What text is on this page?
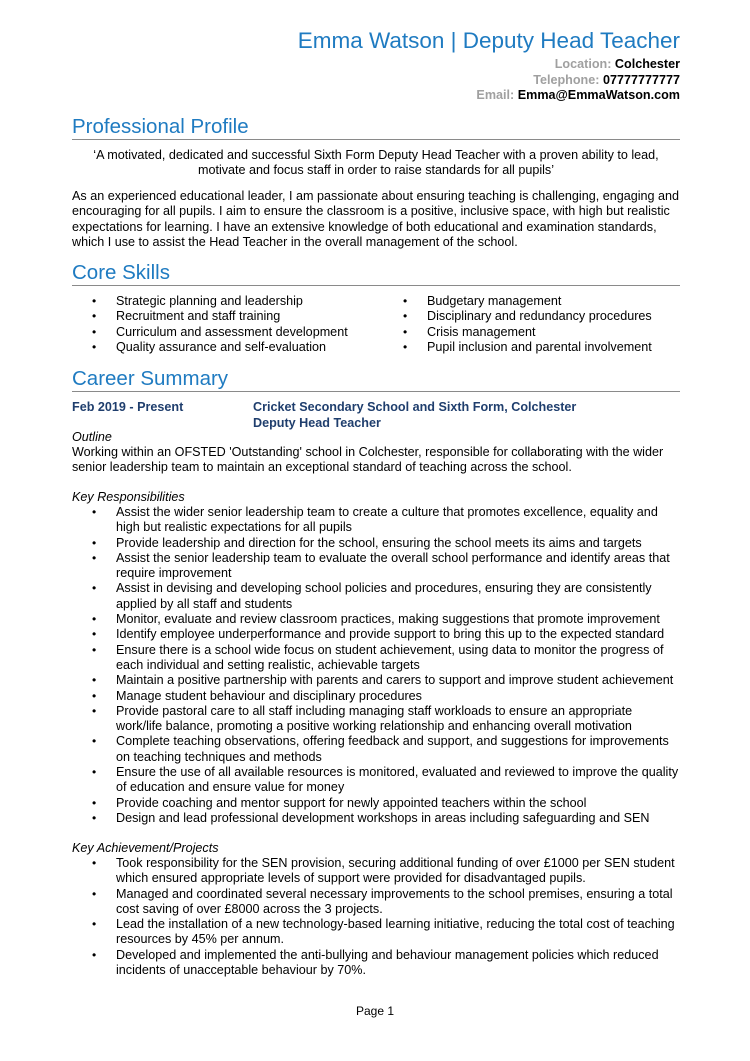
Emma Watson | Deputy Head Teacher
Location: Colchester
Telephone: 07777777777
Email: Emma@EmmaWatson.com
Professional Profile
‘A motivated, dedicated and successful Sixth Form Deputy Head Teacher with a proven ability to lead, motivate and focus staff in order to raise standards for all pupils’
As an experienced educational leader, I am passionate about ensuring teaching is challenging, engaging and encouraging for all pupils. I aim to ensure the classroom is a positive, inclusive space, with high but realistic expectations for learning. I have an extensive knowledge of both educational and examination standards, which I use to assist the Head Teacher in the overall management of the school.
Core Skills
• Strategic planning and leadership
• Recruitment and staff training
• Curriculum and assessment development
• Quality assurance and self-evaluation
• Budgetary management
• Disciplinary and redundancy procedures
• Crisis management
• Pupil inclusion and parental involvement
Career Summary
Feb 2019 - Present	Cricket Secondary School and Sixth Form, Colchester
Deputy Head Teacher
Outline
Working within an OFSTED 'Outstanding' school in Colchester, responsible for collaborating with the wider senior leadership team to maintain an exceptional standard of teaching across the school.
Key Responsibilities
• Assist the wider senior leadership team to create a culture that promotes excellence, equality and high but realistic expectations for all pupils
• Provide leadership and direction for the school, ensuring the school meets its aims and targets
• Assist the senior leadership team to evaluate the overall school performance and identify areas that require improvement
• Assist in devising and developing school policies and procedures, ensuring they are consistently applied by all staff and students
• Monitor, evaluate and review classroom practices, making suggestions that promote improvement
• Identify employee underperformance and provide support to bring this up to the expected standard
• Ensure there is a school wide focus on student achievement, using data to monitor the progress of each individual and setting realistic, achievable targets
• Maintain a positive partnership with parents and carers to support and improve student achievement
• Manage student behaviour and disciplinary procedures
• Provide pastoral care to all staff including managing staff workloads to ensure an appropriate work/life balance, promoting a positive working relationship and enhancing overall motivation
• Complete teaching observations, offering feedback and support, and suggestions for improvements on teaching techniques and methods
• Ensure the use of all available resources is monitored, evaluated and reviewed to improve the quality of education and ensure value for money
• Provide coaching and mentor support for newly appointed teachers within the school
• Design and lead professional development workshops in areas including safeguarding and SEN
Key Achievement/Projects
• Took responsibility for the SEN provision, securing additional funding of over £1000 per SEN student which ensured appropriate levels of support were provided for disadvantaged pupils.
• Managed and coordinated several necessary improvements to the school premises, ensuring a total cost saving of over £8000 across the 3 projects.
• Lead the installation of a new technology-based learning initiative, reducing the total cost of teaching resources by 45% per annum.
• Developed and implemented the anti-bullying and behaviour management policies which reduced incidents of unacceptable behaviour by 70%.
Page 1
